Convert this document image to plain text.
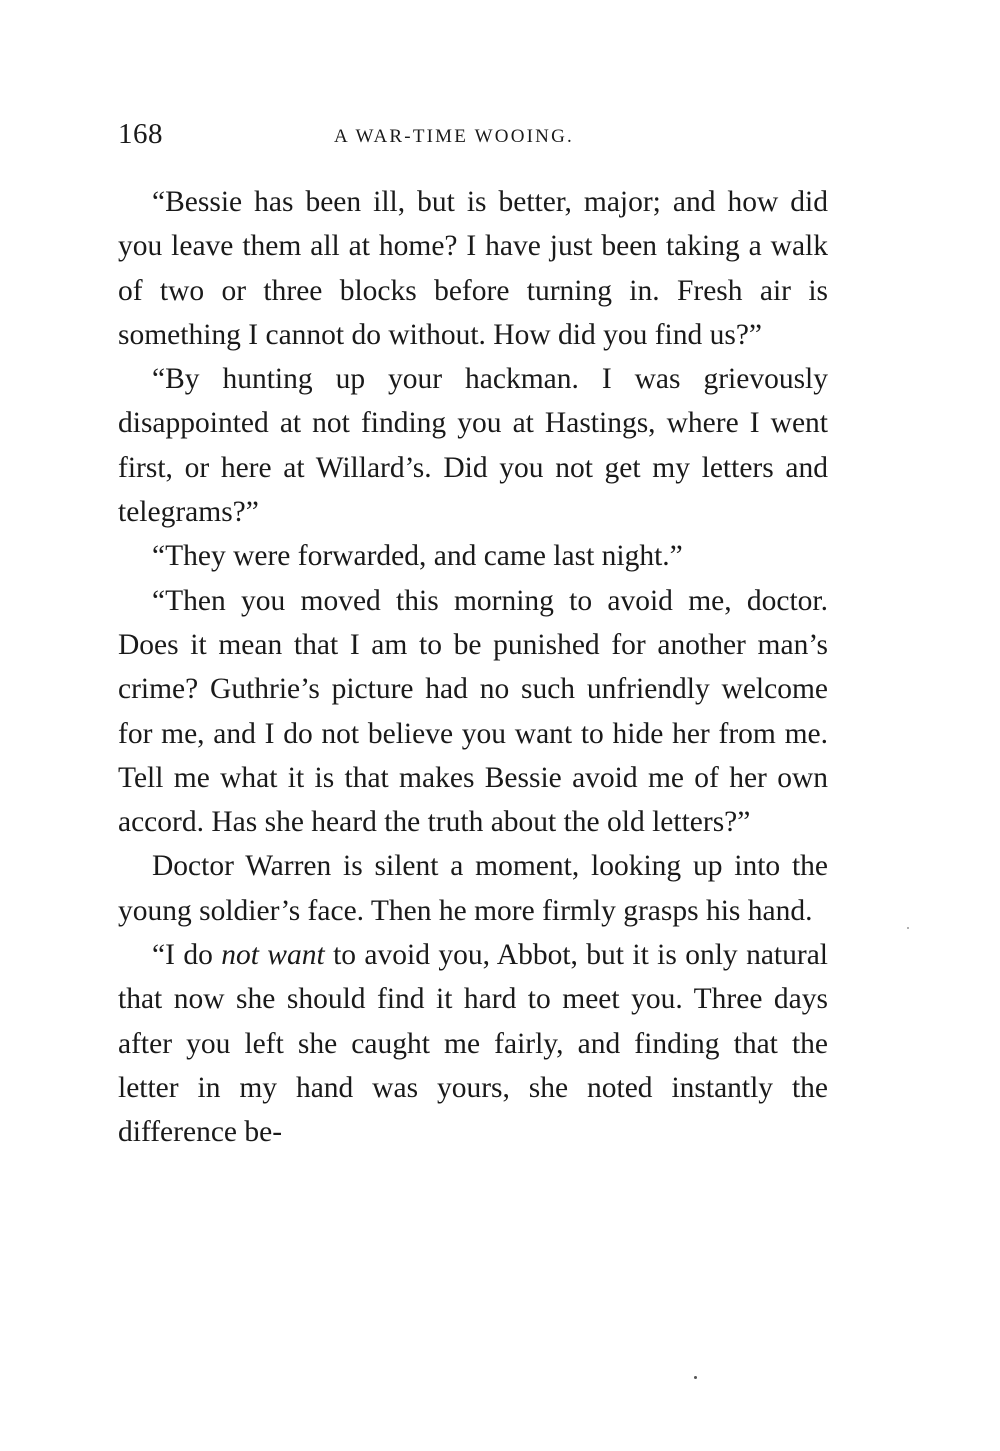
168	A WAR-TIME WOOING.

“Bessie has been ill, but is better, major; and how did you leave them all at home? I have just been taking a walk of two or three blocks before turning in. Fresh air is something I cannot do without. How did you find us?”

“By hunting up your hackman. I was grievously disappointed at not finding you at Hastings, where I went first, or here at Willard’s. Did you not get my letters and telegrams?”

“They were forwarded, and came last night.”

“Then you moved this morning to avoid me, doctor. Does it mean that I am to be punished for another man’s crime? Guthrie’s picture had no such unfriendly welcome for me, and I do not believe you want to hide her from me. Tell me what it is that makes Bessie avoid me of her own accord. Has she heard the truth about the old letters?”

Doctor Warren is silent a moment, looking up into the young soldier’s face. Then he more firmly grasps his hand.

“I do not want to avoid you, Abbot, but it is only natural that now she should find it hard to meet you. Three days after you left she caught me fairly, and finding that the letter in my hand was yours, she noted instantly the difference be-
